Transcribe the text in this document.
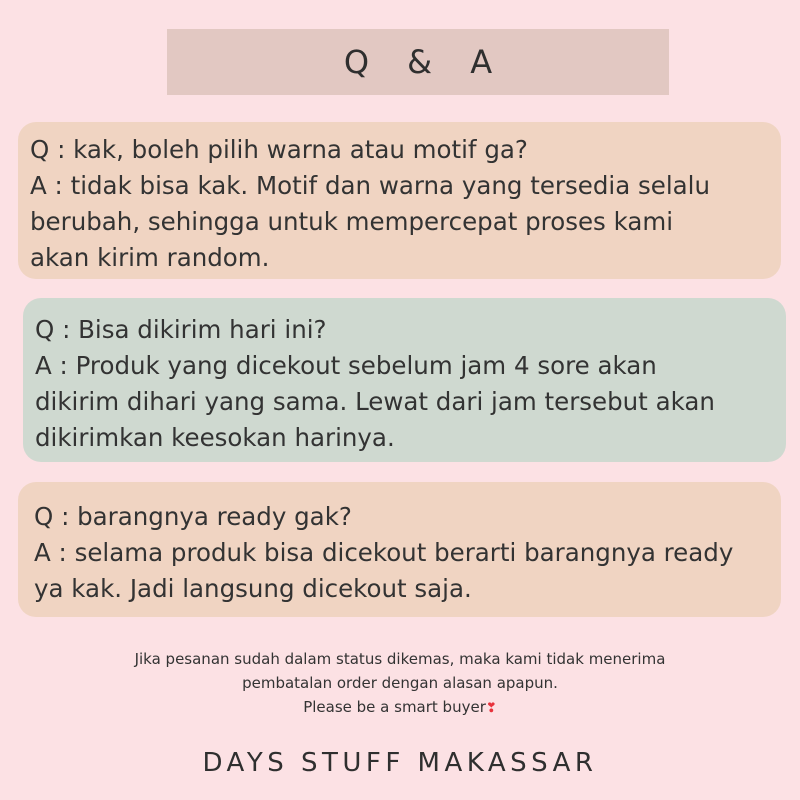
Q & A

Q : kak, boleh pilih warna atau motif ga?

A : tidak bisa kak. Motif dan warna yang tersedia selalu

berubah, sehingga untuk mempercepat proses kami

akan kirim random.

Q : Bisa dikirim hari ini?

A : Produk yang dicekout sebelum jam 4 sore akan

dikirim dihari yang sama. Lewat dari jam tersebut akan

dikirimkan keesokan harinya.

Q : barangnya ready gak?

A : selama produk bisa dicekout berarti barangnya ready

ya kak. Jadi langsung dicekout saja.

Jika pesanan sudah dalam status dikemas, maka kami tidak menerima
pembatalan order dengan alasan apapun.
Please be a smart buyer❣
DAYS STUFF MAKASSAR
